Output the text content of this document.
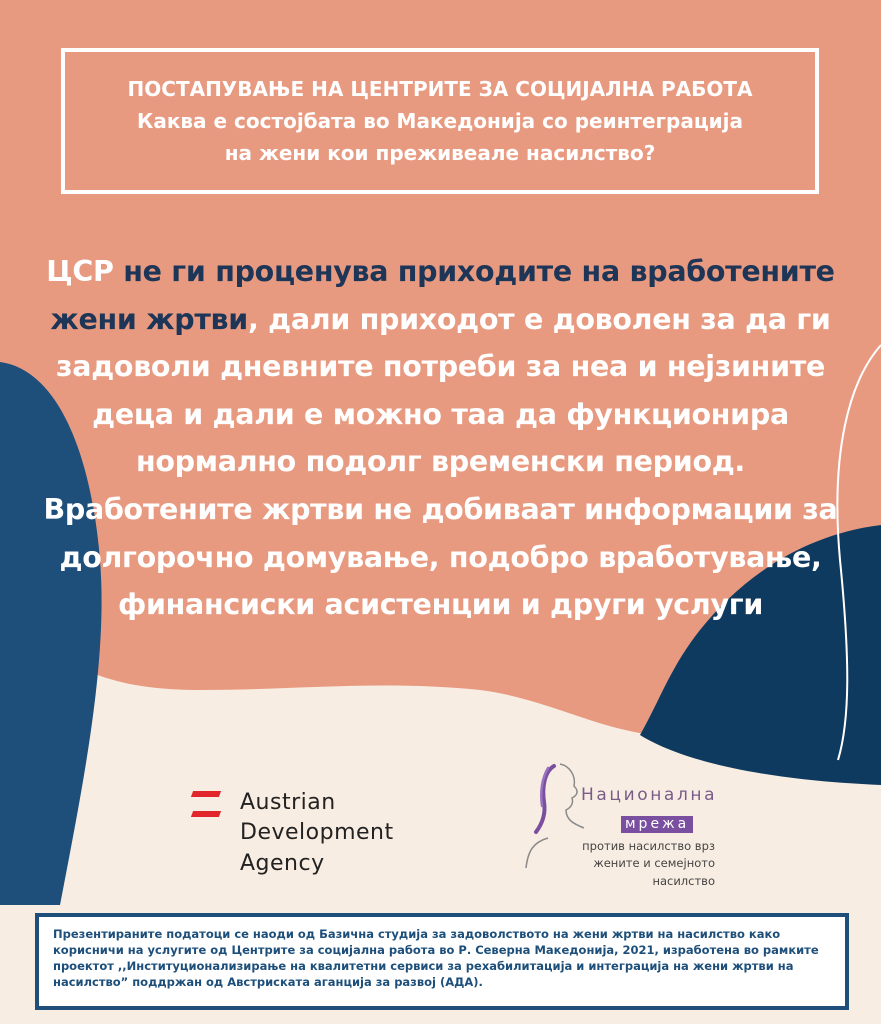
ПОСТАПУВАЊЕ НА ЦЕНТРИТЕ ЗА СОЦИЈАЛНА РАБОТА
Каква е состојбата во Македонија со реинтеграција
на жени кои преживеале насилство?
ЦСР не ги проценува приходите на вработените жени жртви, дали приходот е доволен за да ги задоволи дневните потреби за неа и нејзините деца и дали е можно таа да функционира нормално подолг временски период. Вработените жртви не добиваат информации за долгорочно домување, подобро вработување, финансиски асистенции и други услуги
Austrian
Development
Agency
Национална
мрежа
против насилство врз
жените и семејното
насилство
Презентираните податоци се наоди од Базична студија за задоволството на жени жртви на насилство како корисничи на услугите од Центрите за социјална работа во Р. Северна Македонија, 2021, изработена во рамките проектот ,,Институционализирање на квалитетни сервиси за рехабилитација и интеграција на жени жртви на насилство” поддржан од Австриската аганција за развој (АДА).
